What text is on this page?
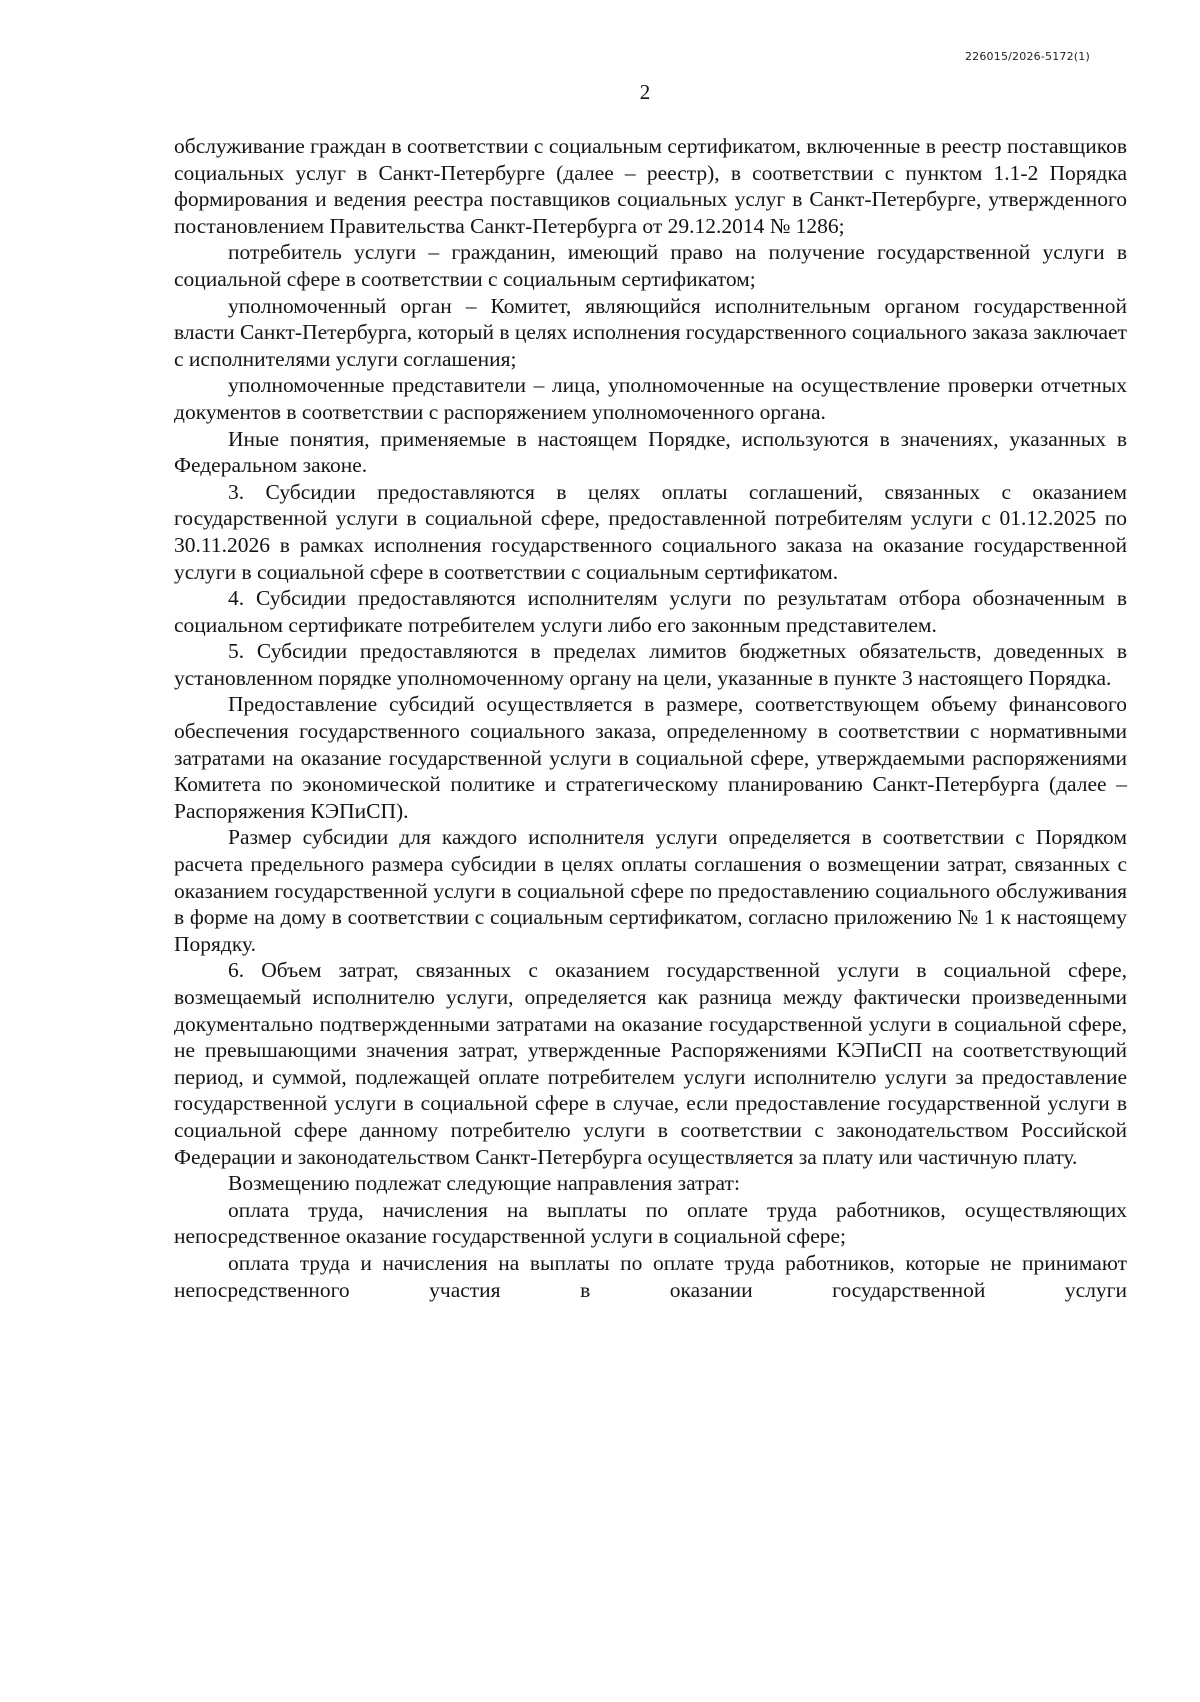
226015/2026-5172(1)
2

обслуживание граждан в соответствии с социальным сертификатом, включенные в реестр поставщиков социальных услуг в Санкт-Петербурге (далее – реестр), в соответствии с пунктом 1.1-2 Порядка формирования и ведения реестра поставщиков социальных услуг в Санкт-Петербурге, утвержденного постановлением Правительства Санкт-Петербурга от 29.12.2014 № 1286;

потребитель услуги – гражданин, имеющий право на получение государственной услуги в социальной сфере в соответствии с социальным сертификатом;

уполномоченный орган – Комитет, являющийся исполнительным органом государственной власти Санкт-Петербурга, который в целях исполнения государственного социального заказа заключает с исполнителями услуги соглашения;

уполномоченные представители – лица, уполномоченные на осуществление проверки отчетных документов в соответствии с распоряжением уполномоченного органа.

Иные понятия, применяемые в настоящем Порядке, используются в значениях, указанных в Федеральном законе.

3. Субсидии предоставляются в целях оплаты соглашений, связанных с оказанием государственной услуги в социальной сфере, предоставленной потребителям услуги с 01.12.2025 по 30.11.2026 в рамках исполнения государственного социального заказа на оказание государственной услуги в социальной сфере в соответствии с социальным сертификатом.

4. Субсидии предоставляются исполнителям услуги по результатам отбора обозначенным в социальном сертификате потребителем услуги либо его законным представителем.

5. Субсидии предоставляются в пределах лимитов бюджетных обязательств, доведенных в установленном порядке уполномоченному органу на цели, указанные в пункте 3 настоящего Порядка.

Предоставление субсидий осуществляется в размере, соответствующем объему финансового обеспечения государственного социального заказа, определенному в соответствии с нормативными затратами на оказание государственной услуги в социальной сфере, утверждаемыми распоряжениями Комитета по экономической политике и стратегическому планированию Санкт-Петербурга (далее – Распоряжения КЭПиСП).

Размер субсидии для каждого исполнителя услуги определяется в соответствии с Порядком расчета предельного размера субсидии в целях оплаты соглашения о возмещении затрат, связанных с оказанием государственной услуги в социальной сфере по предоставлению социального обслуживания в форме на дому в соответствии с социальным сертификатом, согласно приложению № 1 к настоящему Порядку.

6. Объем затрат, связанных с оказанием государственной услуги в социальной сфере, возмещаемый исполнителю услуги, определяется как разница между фактически произведенными документально подтвержденными затратами на оказание государственной услуги в социальной сфере, не превышающими значения затрат, утвержденные Распоряжениями КЭПиСП на соответствующий период, и суммой, подлежащей оплате потребителем услуги исполнителю услуги за предоставление государственной услуги в социальной сфере в случае, если предоставление государственной услуги в социальной сфере данному потребителю услуги в соответствии с законодательством Российской Федерации и законодательством Санкт-Петербурга осуществляется за плату или частичную плату.

Возмещению подлежат следующие направления затрат:

оплата труда, начисления на выплаты по оплате труда работников, осуществляющих непосредственное оказание государственной услуги в социальной сфере;

оплата труда и начисления на выплаты по оплате труда работников, которые не принимают непосредственного участия в оказании государственной услуги
